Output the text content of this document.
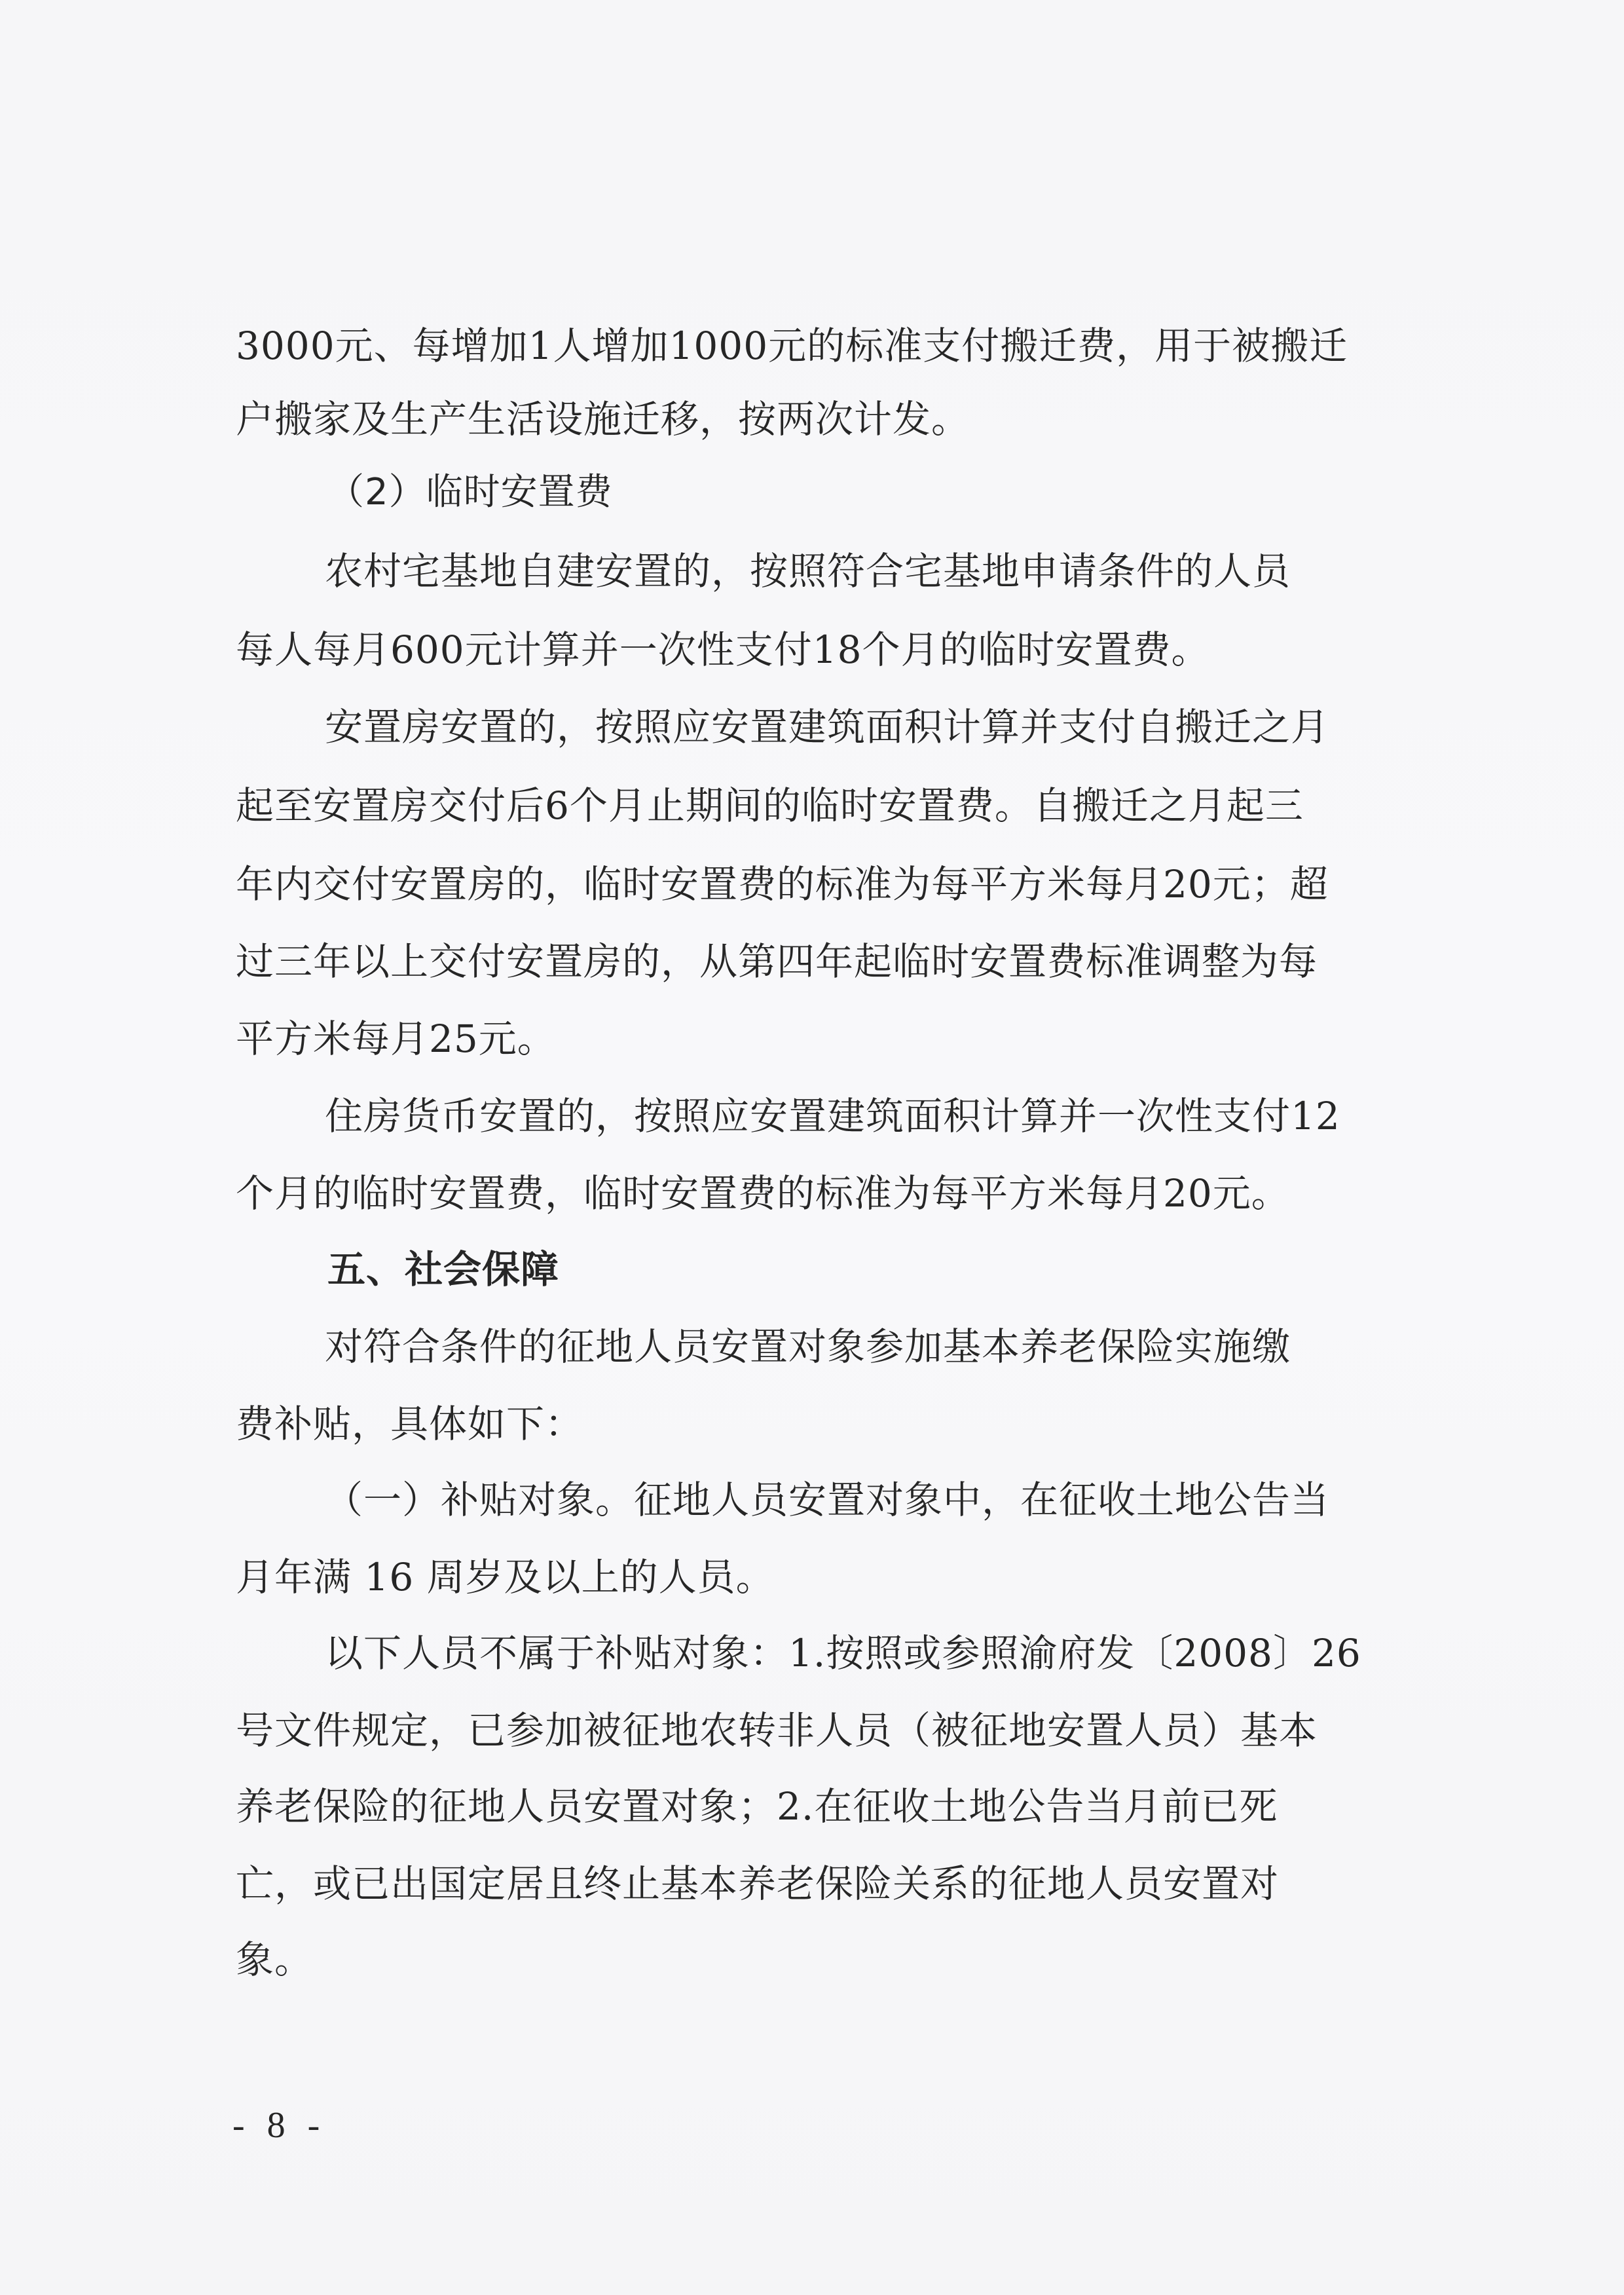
3000元、每增加1人增加1000元的标准支付搬迁费，用于被搬迁

户搬家及生产生活设施迁移，按两次计发。

（2）临时安置费

农村宅基地自建安置的，按照符合宅基地申请条件的人员

每人每月600元计算并一次性支付18个月的临时安置费。

安置房安置的，按照应安置建筑面积计算并支付自搬迁之月

起至安置房交付后6个月止期间的临时安置费。自搬迁之月起三

年内交付安置房的，临时安置费的标准为每平方米每月20元；超

过三年以上交付安置房的，从第四年起临时安置费标准调整为每

平方米每月25元。

住房货币安置的，按照应安置建筑面积计算并一次性支付12

个月的临时安置费，临时安置费的标准为每平方米每月20元。

五、社会保障

对符合条件的征地人员安置对象参加基本养老保险实施缴

费补贴，具体如下：

（一）补贴对象。征地人员安置对象中，在征收土地公告当

月年满 16 周岁及以上的人员。

以下人员不属于补贴对象：1.按照或参照渝府发〔2008〕26

号文件规定，已参加被征地农转非人员（被征地安置人员）基本

养老保险的征地人员安置对象；2.在征收土地公告当月前已死

亡，或已出国定居且终止基本养老保险关系的征地人员安置对

象。

- 8 -
